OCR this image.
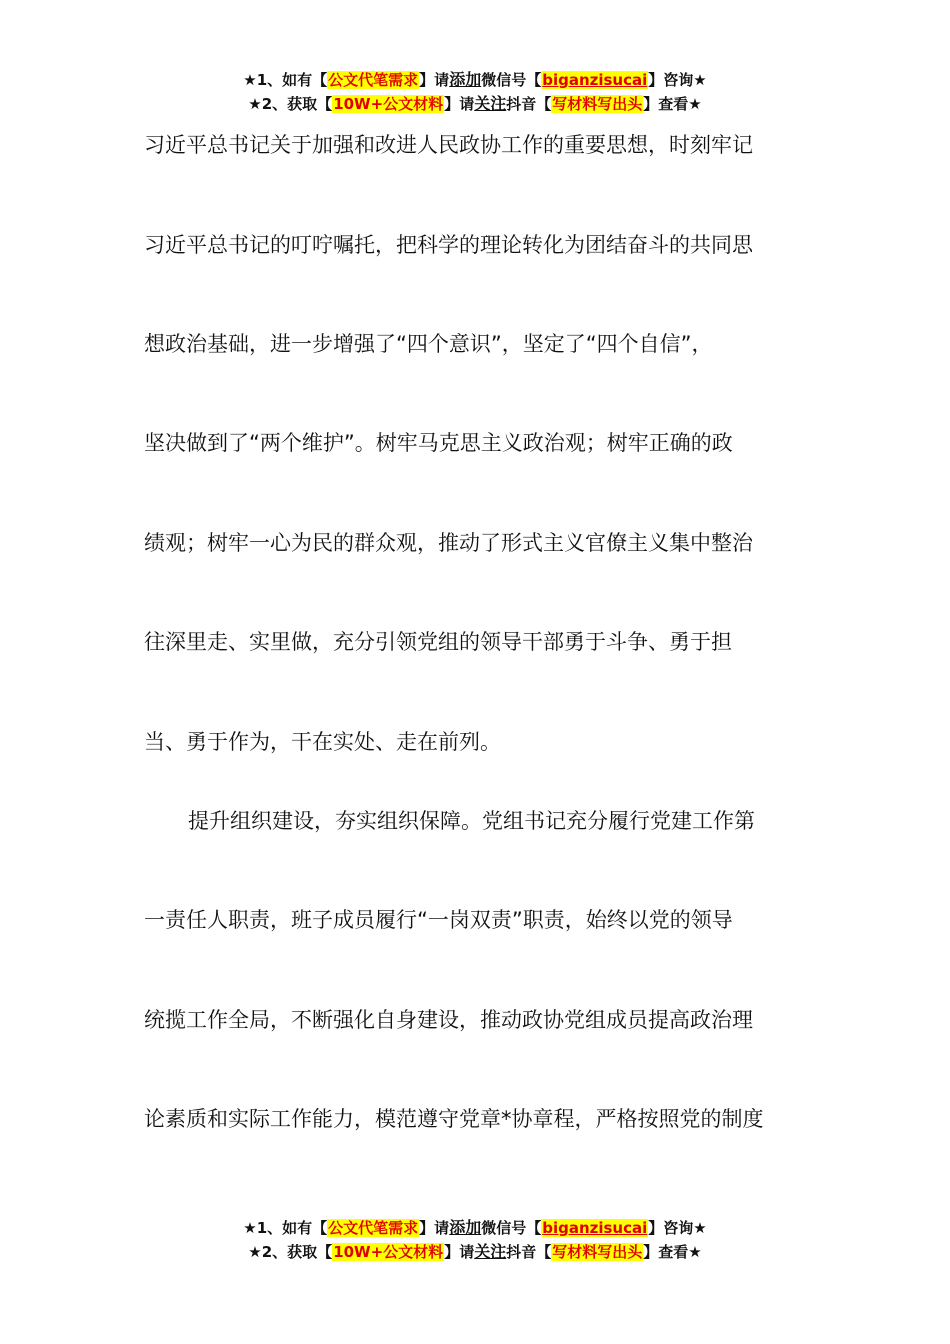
★1、如有【公文代笔需求】请添加微信号【biganzisucai】咨询★
★2、获取【10W+公文材料】请关注抖音【写材料写出头】查看★
习近平总书记关于加强和改进人民政协工作的重要思想，时刻牢记
习近平总书记的叮咛嘱托，把科学的理论转化为团结奋斗的共同思
想政治基础，进一步增强了“四个意识”，坚定了“四个自信”，
坚决做到了“两个维护”。树牢马克思主义政治观；树牢正确的政
绩观；树牢一心为民的群众观，推动了形式主义官僚主义集中整治
往深里走、实里做，充分引领党组的领导干部勇于斗争、勇于担
当、勇于作为，干在实处、走在前列。
提升组织建设，夯实组织保障。党组书记充分履行党建工作第
一责任人职责，班子成员履行“一岗双责”职责，始终以党的领导
统揽工作全局，不断强化自身建设，推动政协党组成员提高政治理
论素质和实际工作能力，模范遵守党章*协章程，严格按照党的制度
★1、如有【公文代笔需求】请添加微信号【biganzisucai】咨询★
★2、获取【10W+公文材料】请关注抖音【写材料写出头】查看★
